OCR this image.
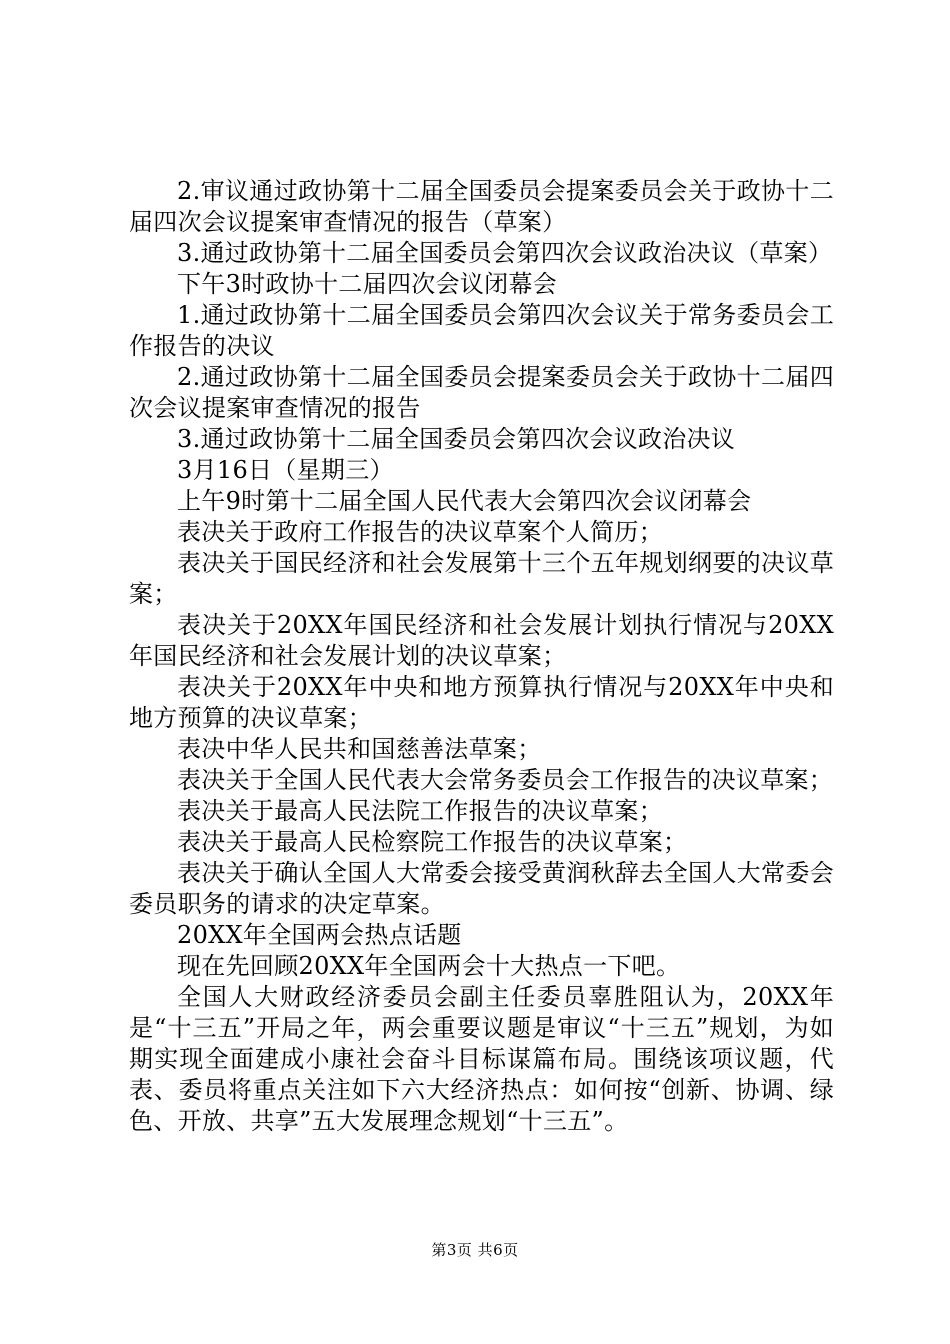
2.审议通过政协第十二届全国委员会提案委员会关于政协十二届四次会议提案审查情况的报告（草案）

3.通过政协第十二届全国委员会第四次会议政治决议（草案）

下午3时政协十二届四次会议闭幕会

1.通过政协第十二届全国委员会第四次会议关于常务委员会工作报告的决议

2.通过政协第十二届全国委员会提案委员会关于政协十二届四次会议提案审查情况的报告

3.通过政协第十二届全国委员会第四次会议政治决议

3月16日（星期三）

上午9时第十二届全国人民代表大会第四次会议闭幕会

表决关于政府工作报告的决议草案个人简历；

表决关于国民经济和社会发展第十三个五年规划纲要的决议草案；

表决关于20XX年国民经济和社会发展计划执行情况与20XX年国民经济和社会发展计划的决议草案；

表决关于20XX年中央和地方预算执行情况与20XX年中央和地方预算的决议草案；

表决中华人民共和国慈善法草案；

表决关于全国人民代表大会常务委员会工作报告的决议草案；

表决关于最高人民法院工作报告的决议草案；

表决关于最高人民检察院工作报告的决议草案；

表决关于确认全国人大常委会接受黄润秋辞去全国人大常委会委员职务的请求的决定草案。

20XX年全国两会热点话题

现在先回顾20XX年全国两会十大热点一下吧。

全国人大财政经济委员会副主任委员辜胜阻认为，20XX年是“十三五”开局之年，两会重要议题是审议“十三五”规划，为如期实现全面建成小康社会奋斗目标谋篇布局。围绕该项议题，代表、委员将重点关注如下六大经济热点：如何按“创新、协调、绿色、开放、共享”五大发展理念规划“十三五”。

第3页 共6页
